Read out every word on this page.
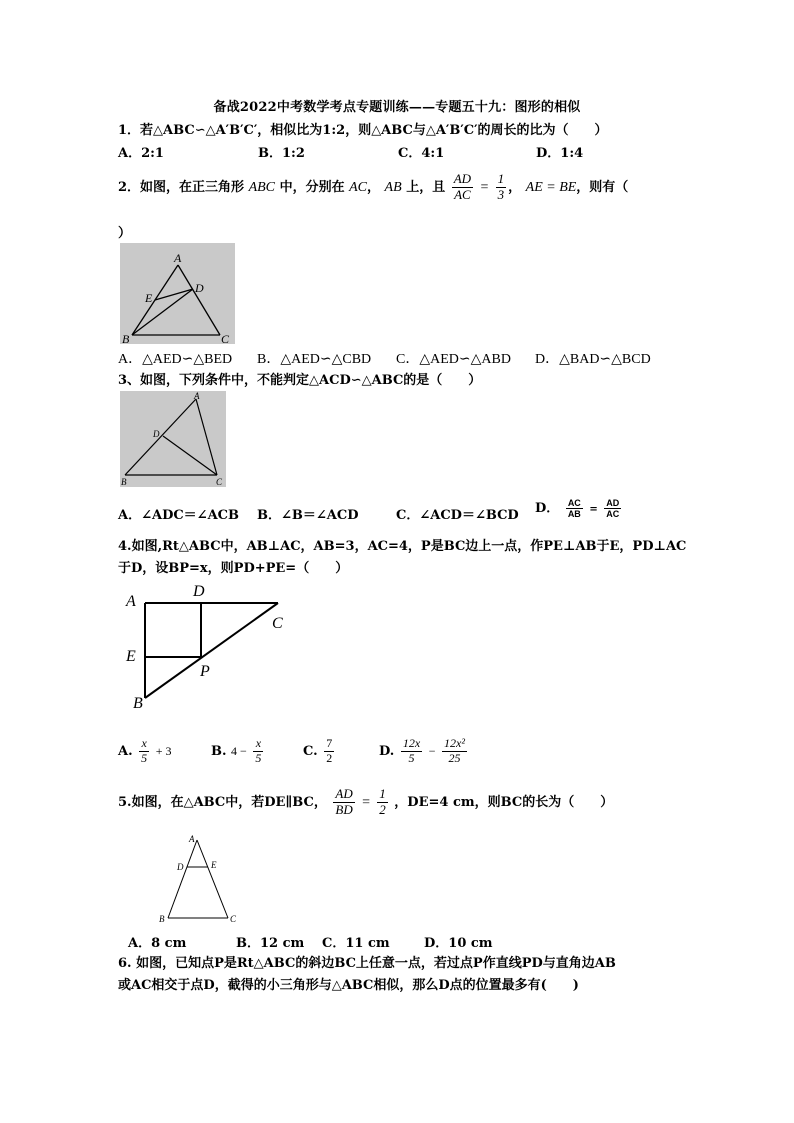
备战2022中考数学考点专题训练——专题五十九：图形的相似
1．若△ABC∽△A′B′C′，相似比为1:2，则△ABC与△A′B′C′的周长的比为（　　）
A．2:1	B．1:2	C．4:1	D．1:4
2．如图，在正三角形 ABC 中，分别在 AC， AB 上，且 $\frac{AD}{AC} = \frac{1}{3}$ ， AE = BE，则有（
）
A
B	C
D
E
A．△AED∽△BED B．△AED∽△CBD C．△AED∽△ABD D．△BAD∽△BCD
3、如图，下列条件中，不能判定△ACD∽△ABC的是（　　）
A
B	C
D
A．∠ADC＝∠ACB B．∠B＝∠ACD	C．∠ACD＝∠BCD D． $\frac{AC}{AB} = \frac{AD}{AC}$
4.如图,Rt△ABC中，AB⊥AC，AB=3，AC=4，P是BC边上一点，作PE⊥AB于E，PD⊥AC
于D，设BP=x，则PD+PE=（　　）
A
D
C
E
P
B
A. $\frac{x}{5} + 3$	B. $4 - \frac{x}{5}$	C. $\frac{7}{2}$	D. $\frac{12x}{5} - \frac{\text{12x²}}{25}$
5.如图，在△ABC中，若DE∥BC， $\frac{AD}{BD} = \frac{1}{2}$ ，DE=4 cm，则BC的长为（　　）
A
D	E
B	C
A．8 cm	B．12 cm C．11 cm	D．10 cm
6. 如图，已知点P是Rt△ABC的斜边BC上任意一点，若过点P作直线PD与直角边AB
或AC相交于点D，截得的小三角形与△ABC相似，那么D点的位置最多有(　　)
